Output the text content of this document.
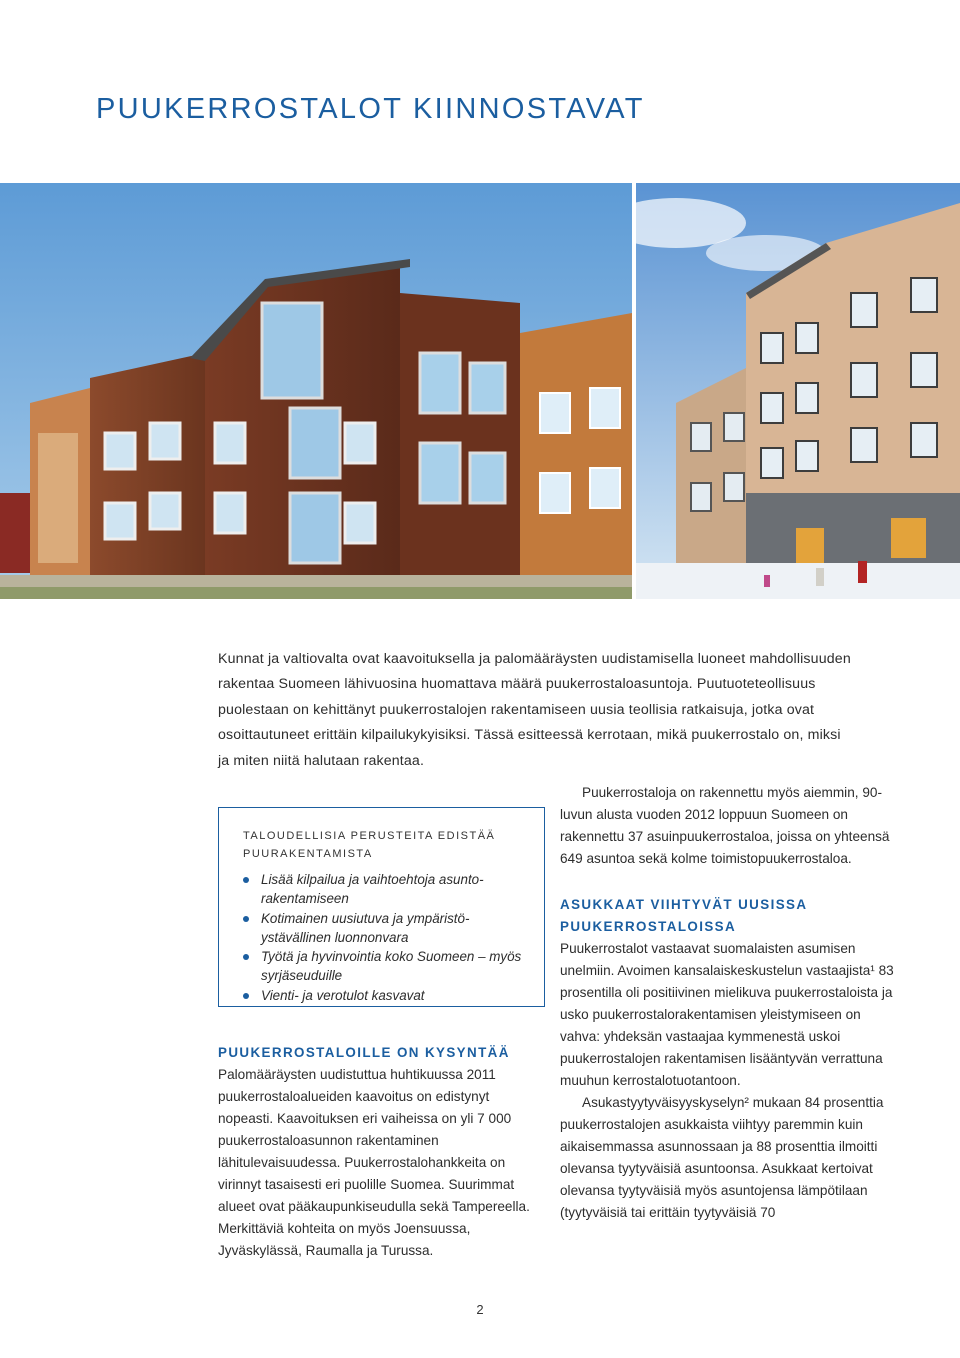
PUUKERROSTALOT KIINNOSTAVAT
Kunnat ja valtiovalta ovat kaavoituksella ja palomääräysten uudistamisella luoneet mahdollisuuden
rakentaa Suomeen lähivuosina huomattava määrä puukerrostaloasuntoja. Puutuoteteollisuus
puolestaan on kehittänyt puukerrostalojen rakentamiseen uusia teollisia ratkaisuja, jotka ovat
osoittautuneet erittäin kilpailukykyisiksi. Tässä esitteessä kerrotaan, mikä puukerrostalo on, miksi
ja miten niitä halutaan rakentaa.
TALOUDELLISIA PERUSTEITA EDISTÄÄ PUURAKENTAMISTA
Lisää kilpailua ja vaihtoehtoja asunto-rakentamiseen
Kotimainen uusiutuva ja ympäristö-ystävällinen luonnonvara
Työtä ja hyvinvointia koko Suomeen – myös syrjäseuduille
Vienti- ja verotulot kasvavat
PUUKERROSTALOILLE ON KYSYNTÄÄ

Palomääräysten uudistuttua huhtikuussa 2011 puukerrostaloalueiden kaavoitus on edistynyt nopeasti. Kaavoituksen eri vaiheissa on yli 7 000 puukerrostaloasunnon rakentaminen lähitulevaisuudessa. Puukerrostalohankkeita on virinnyt tasaisesti eri puolille Suomea. Suurimmat alueet ovat pääkaupunkiseudulla sekä Tampereella. Merkittäviä kohteita on myös Joensuussa, Jyväskylässä, Raumalla ja Turussa.

Puukerrostaloja on rakennettu myös aiemmin, 90-luvun alusta vuoden 2012 loppuun Suomeen on rakennettu 37 asuinpuukerrostaloa, joissa on yhteensä 649 asuntoa sekä kolme toimistopuukerrostaloa.

ASUKKAAT VIIHTYVÄT UUSISSA PUUKERROSTALOISSA

Puukerrostalot vastaavat suomalaisten asumisen unelmiin. Avoimen kansalaiskeskustelun vastaajista¹ 83 prosentilla oli positiivinen mielikuva puukerrostaloista ja usko puukerrostalorakentamisen yleistymiseen on vahva: yhdeksän vastaajaa kymmenestä uskoi puukerrostalojen rakentamisen lisääntyvän verrattuna muuhun kerrostalotuotantoon.

Asukastyytyväisyyskyselyn² mukaan 84 prosenttia puukerrostalojen asukkaista viihtyy paremmin kuin aikaisemmassa asunnossaan ja 88 prosenttia ilmoitti olevansa tyytyväisiä asuntoonsa. Asukkaat kertoivat olevansa tyytyväisiä myös asuntojensa lämpötilaan (tyytyväisiä tai erittäin tyytyväisiä 70

2
